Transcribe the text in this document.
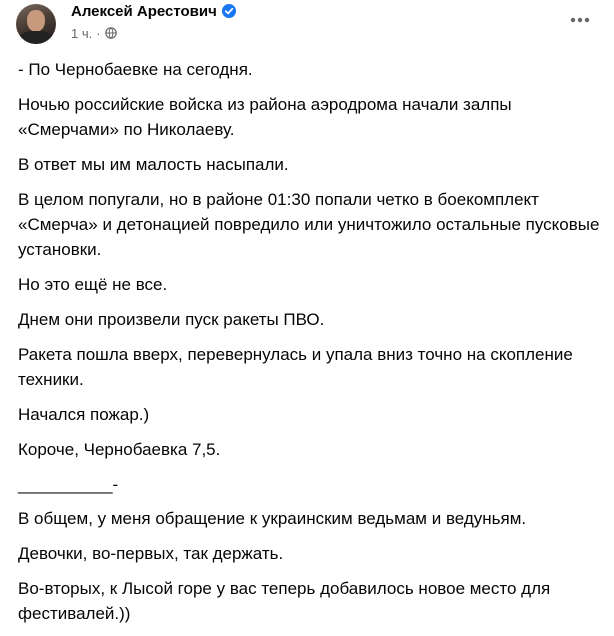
Алексей Арестович
1 ч. ·

- По Чернобаевке на сегодня.

Ночью российские войска из района аэродрома начали залпы «Смерчами» по Николаеву.

В ответ мы им малость насыпали.

В целом попугали, но в районе 01:30 попали четко в боекомплект «Смерча» и детонацией повредило или уничтожило остальные пусковые установки.

Но это ещё не все.

Днем они произвели пуск ракеты ПВО.

Ракета пошла вверх, перевернулась и упала вниз точно на скопление техники.

Начался пожар.)

Короче, Чернобаевка 7,5.

__________-

В общем, у меня обращение к украинским ведьмам и ведуньям.

Девочки, во-первых, так держать.

Во-вторых, к Лысой горе у вас теперь добавилось новое место для фестивалей.))
